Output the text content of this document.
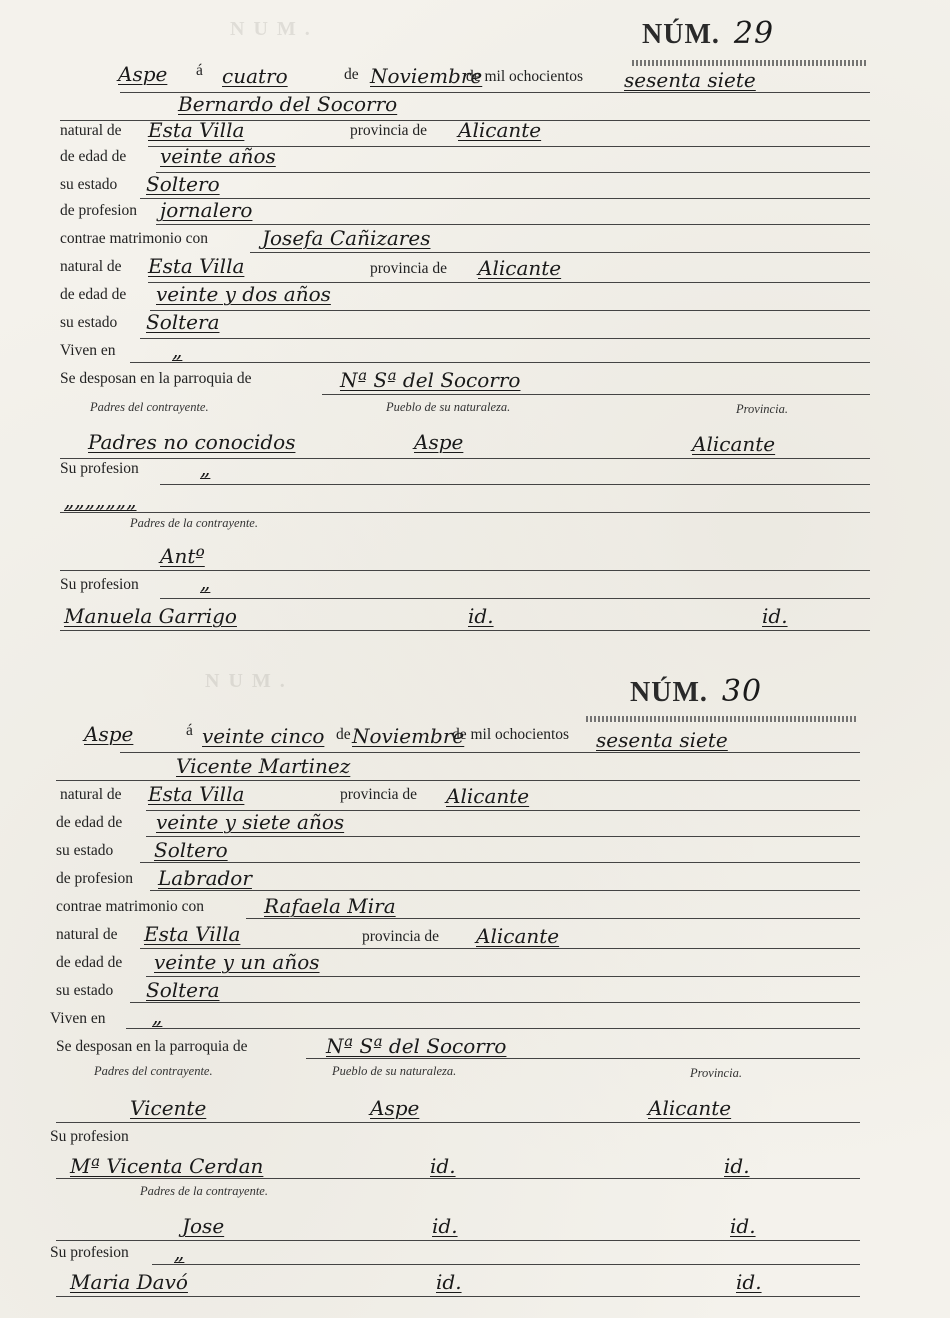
N U M .
N U M .
NÚM. 29
Aspe á cuatro	de Noviembre
de mil ochocientos sesenta siete
Bernardo del Socorro
natural de Esta Villa	provincia de Alicante
de edad de veinte años
su estado Soltero
de profesion jornalero
contrae matrimonio con	Josefa Cañizares
natural de Esta Villa	provincia de Alicante
de edad de veinte y dos años
su estado Soltera
Viven en	„
Se desposan en la parroquia de	Nª Sª del Socorro
Padres del contrayente.	Pueblo de su naturaleza.	Provincia.
Padres no conocidos	Aspe	Alicante
Su profesion	„
„„„„„„„
Padres de la contrayente.
Antº
Su profesion	„
Manuela Garrigo	id.	id.
NÚM. 30
Aspe	á veinte cinco de Noviembre
de mil ochocientos sesenta siete
Vicente Martinez
natural de Esta Villa	provincia de Alicante
de edad de veinte y siete años
su estado Soltero
de profesion Labrador
contrae matrimonio con	Rafaela Mira
natural de Esta Villa	provincia de Alicante
de edad de veinte y un años
su estado Soltera
Viven en „
Se desposan en la parroquia de	Nª Sª del Socorro
Padres del contrayente.	Pueblo de su naturaleza.	Provincia.
Vicente	Aspe	Alicante
Su profesion
Mª Vicenta Cerdan	id.	id.
Padres de la contrayente.
Jose	id.	id.
Su profesion „
Maria Davó	id.	id.
